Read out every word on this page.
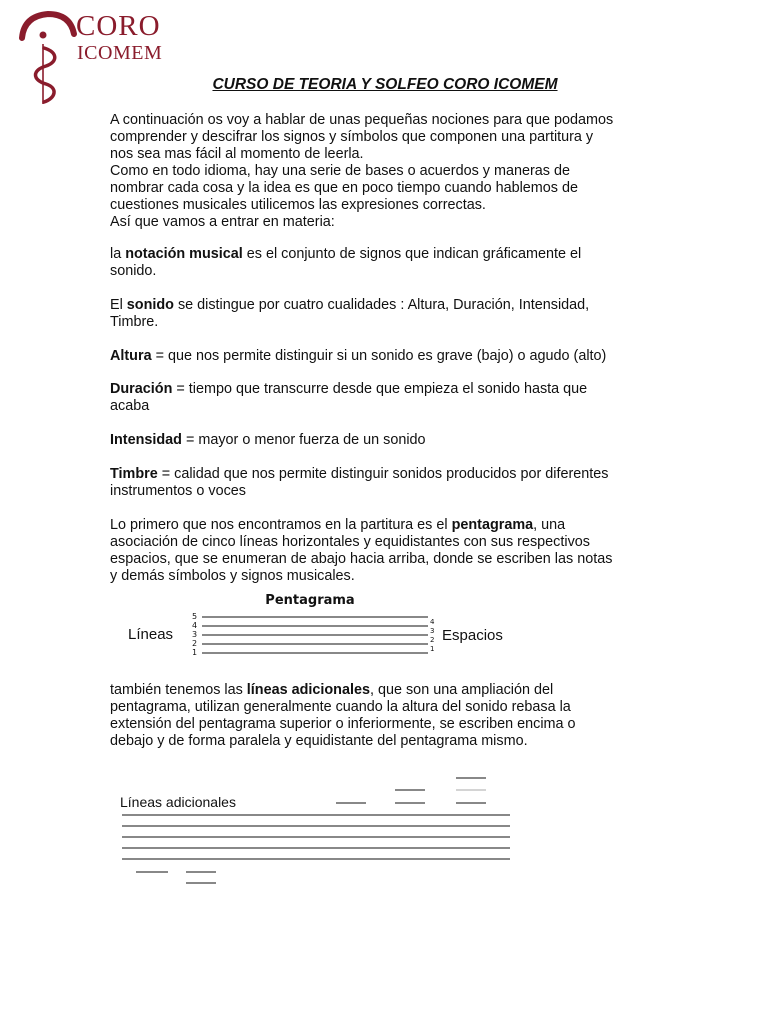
CORO
ICOMEM
CURSO DE TEORIA Y SOLFEO CORO ICOMEM
A continuación os voy a hablar de unas pequeñas nociones para que podamos
comprender y descifrar los signos y símbolos que componen una partitura y
nos sea mas fácil al momento de leerla.
Como en todo idioma, hay una serie de bases o acuerdos y maneras de
nombrar cada cosa y la idea es que en poco tiempo cuando hablemos de
cuestiones musicales utilicemos las expresiones correctas.
Así que vamos a entrar en materia:
la notación musical es el conjunto de signos que indican gráficamente el
sonido.
El sonido se distingue por cuatro cualidades : Altura, Duración, Intensidad,
Timbre.
Altura = que nos permite distinguir si un sonido es grave (bajo) o agudo (alto)
Duración = tiempo que transcurre desde que empieza el sonido hasta que
acaba
Intensidad = mayor o menor fuerza de un sonido
Timbre = calidad que nos permite distinguir sonidos producidos por diferentes
instrumentos o voces
Lo primero que nos encontramos en la partitura es el pentagrama, una
asociación de cinco líneas horizontales y equidistantes con sus respectivos
espacios, que se enumeran de abajo hacia arriba, donde se escriben las notas
y demás símbolos y signos musicales.
Pentagrama
Líneas	Espacios
5
4
3
2
1
4
3
2
1
también tenemos las líneas adicionales, que son una ampliación del
pentagrama, utilizan generalmente cuando la altura del sonido rebasa la
extensión del pentagrama superior o inferiormente, se escriben encima o
debajo y de forma paralela y equidistante del pentagrama mismo.
Líneas adicionales
